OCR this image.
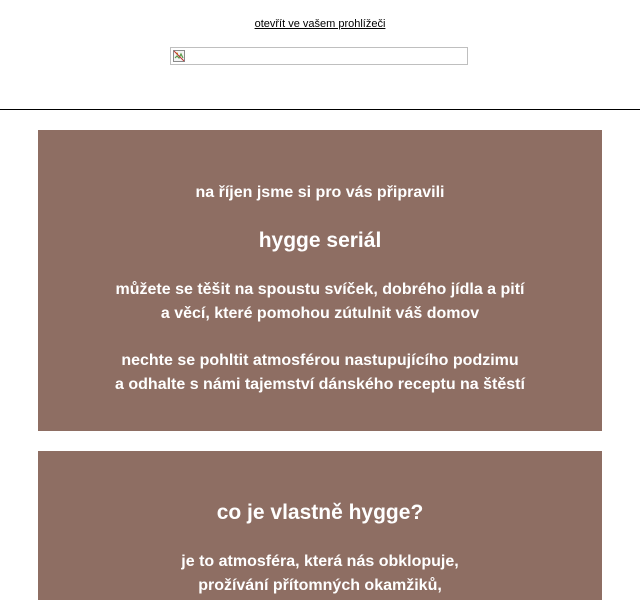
otevřít ve vašem prohlížeči
na říjen jsme si pro vás připravili
hygge seriál
můžete se těšit na spoustu svíček, dobrého jídla a pití
a věcí, které pomohou zútulnit váš domov
nechte se pohltit atmosférou nastupujícího podzimu
a odhalte s námi tajemství dánského receptu na štěstí
co je vlastně hygge?
je to atmosféra, která nás obklopuje,
prožívání přítomných okamžiků,
